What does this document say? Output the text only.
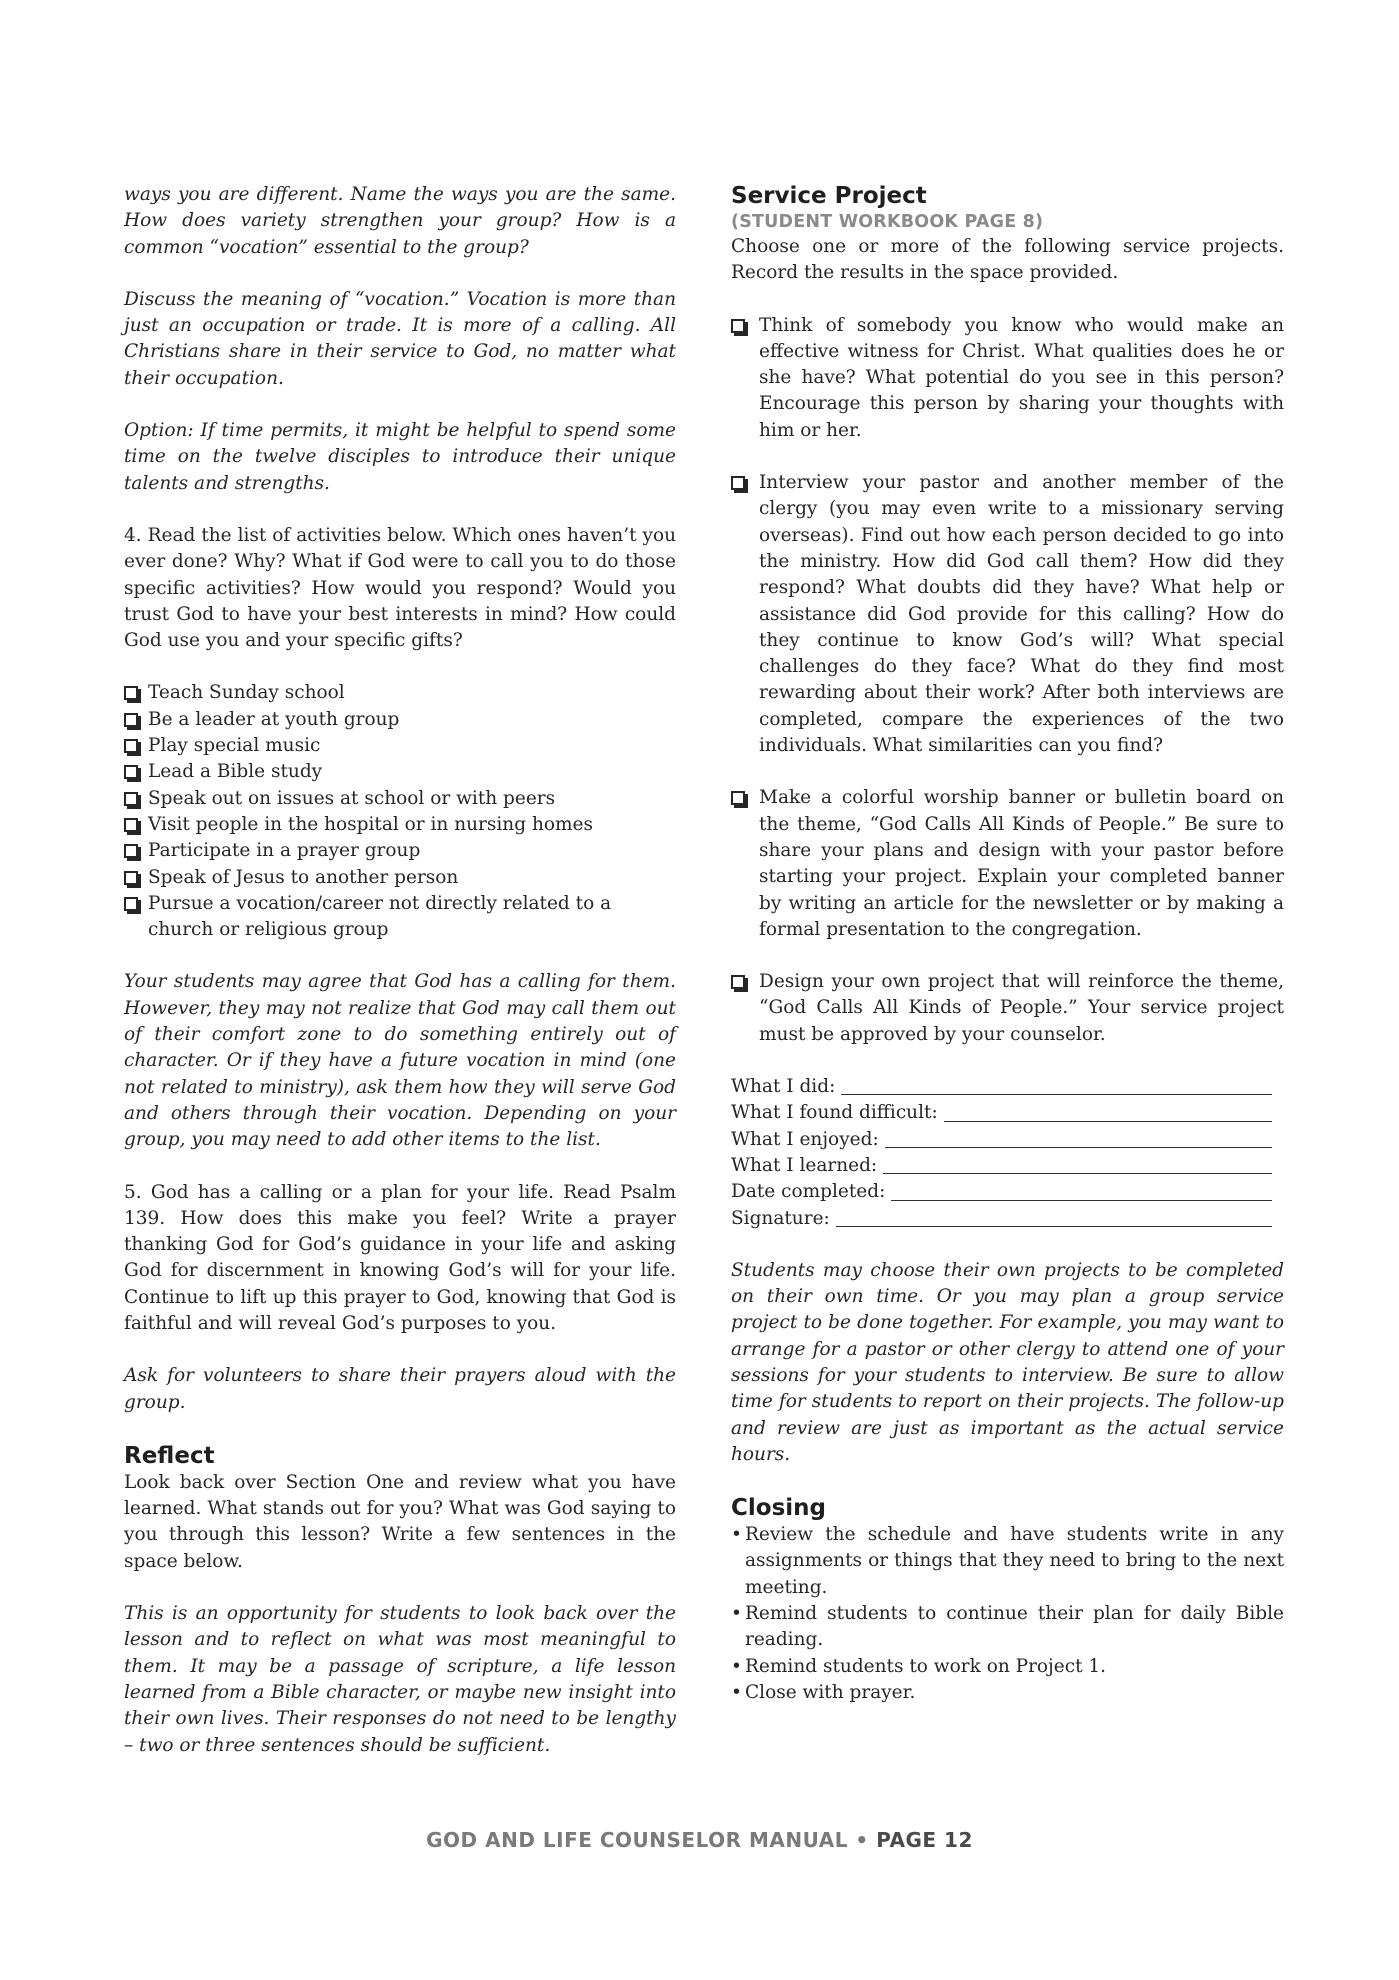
ways you are different. Name the ways you are the same. How does variety strengthen your group? How is a common “vocation” essential to the group?

Discuss the meaning of “vocation.” Vocation is more than just an occupation or trade. It is more of a calling. All Christians share in their service to God, no matter what their occupation.

Option: If time permits, it might be helpful to spend some time on the twelve disciples to introduce their unique talents and strengths.

4. Read the list of activities below. Which ones haven’t you ever done? Why? What if God were to call you to do those specific activities? How would you respond? Would you trust God to have your best interests in mind? How could God use you and your specific gifts?

Teach Sunday school
Be a leader at youth group
Play special music
Lead a Bible study
Speak out on issues at school or with peers
Visit people in the hospital or in nursing homes
Participate in a prayer group
Speak of Jesus to another person
Pursue a vocation/career not directly related to a church or religious group

Your students may agree that God has a calling for them. However, they may not realize that God may call them out of their comfort zone to do something entirely out of character. Or if they have a future vocation in mind (one not related to ministry), ask them how they will serve God and others through their vocation. Depending on your group, you may need to add other items to the list.

5. God has a calling or a plan for your life. Read Psalm 139. How does this make you feel? Write a prayer thanking God for God’s guidance in your life and asking God for discernment in knowing God’s will for your life. Continue to lift up this prayer to God, knowing that God is faithful and will reveal God’s purposes to you.

Ask for volunteers to share their prayers aloud with the group.

Reflect

Look back over Section One and review what you have learned. What stands out for you? What was God saying to you through this lesson? Write a few sentences in the space below.

This is an opportunity for students to look back over the lesson and to reflect on what was most meaningful to them. It may be a passage of scripture, a life lesson learned from a Bible character, or maybe new insight into their own lives. Their responses do not need to be lengthy – two or three sentences should be sufficient.

Service Project
(STUDENT WORKBOOK PAGE 8)

Choose one or more of the following service projects. Record the results in the space provided.

Think of somebody you know who would make an effective witness for Christ. What qualities does he or she have? What potential do you see in this person? Encourage this person by sharing your thoughts with him or her.
Interview your pastor and another member of the clergy (you may even write to a missionary serving overseas). Find out how each person decided to go into the ministry. How did God call them? How did they respond? What doubts did they have? What help or assistance did God provide for this calling? How do they continue to know God’s will? What special challenges do they face? What do they find most rewarding about their work? After both interviews are completed, compare the experiences of the two individuals. What similarities can you find?
Make a colorful worship banner or bulletin board on the theme, “God Calls All Kinds of People.” Be sure to share your plans and design with your pastor before starting your project. Explain your completed banner by writing an article for the newsletter or by making a formal presentation to the congregation.
Design your own project that will reinforce the theme, “God Calls All Kinds of People.” Your service project must be approved by your counselor.
What I did:
What I found difficult:
What I enjoyed:
What I learned:
Date completed:
Signature:

Students may choose their own projects to be completed on their own time. Or you may plan a group service project to be done together. For example, you may want to arrange for a pastor or other clergy to attend one of your sessions for your students to interview. Be sure to allow time for students to report on their projects. The follow-up and review are just as important as the actual service hours.

Closing
• Review the schedule and have students write in any assignments or things that they need to bring to the next meeting.
• Remind students to continue their plan for daily Bible reading.
• Remind students to work on Project 1.
• Close with prayer.
GOD AND LIFE COUNSELOR MANUAL • PAGE 12
